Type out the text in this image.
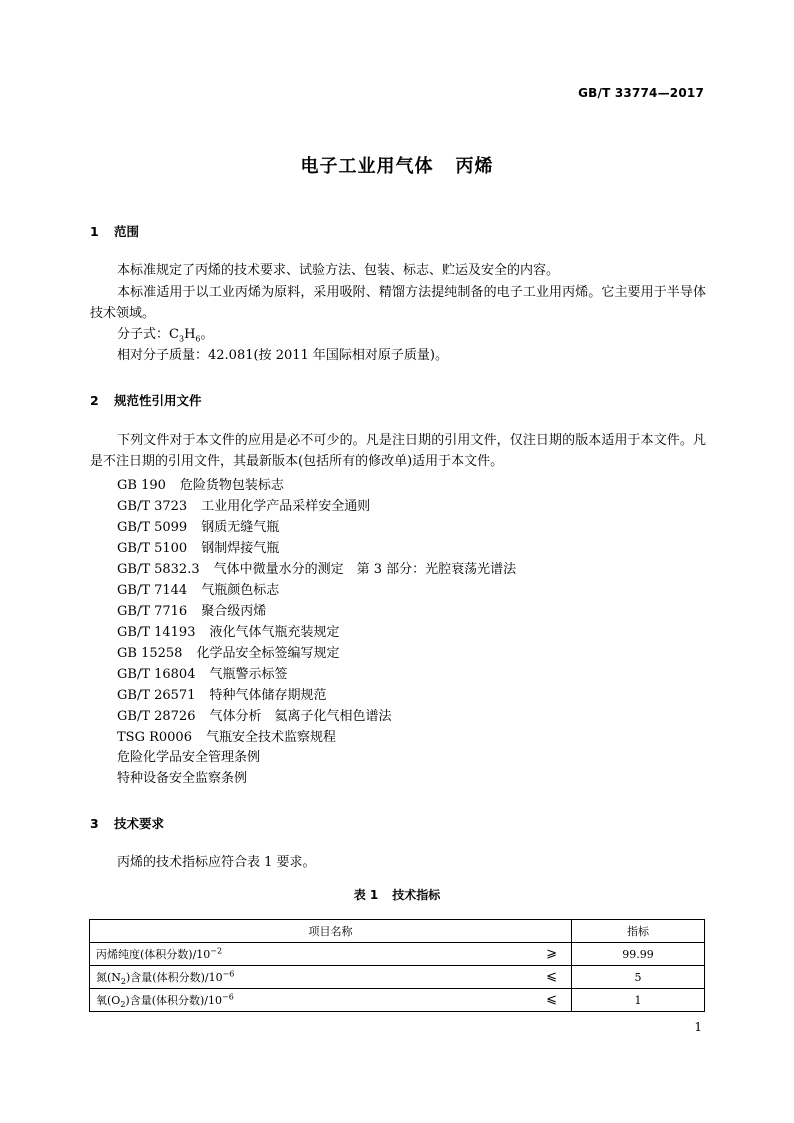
GB/T 33774—2017
电子工业用气体 丙烯
1 范围
本标准规定了丙烯的技术要求、试验方法、包装、标志、贮运及安全的内容。
本标准适用于以工业丙烯为原料，采用吸附、精馏方法提纯制备的电子工业用丙烯。它主要用于半导体技术领域。
分子式：$C_3H_6$。
相对分子质量：42.081(按 2011 年国际相对原子质量)。
2 规范性引用文件
下列文件对于本文件的应用是必不可少的。凡是注日期的引用文件，仅注日期的版本适用于本文件。凡是不注日期的引用文件，其最新版本(包括所有的修改单)适用于本文件。
GB 190 危险货物包装标志
GB/T 3723 工业用化学产品采样安全通则
GB/T 5099 钢质无缝气瓶
GB/T 5100 钢制焊接气瓶
GB/T 5832.3 气体中微量水分的测定　第 3 部分：光腔衰荡光谱法
GB/T 7144 气瓶颜色标志
GB/T 7716 聚合级丙烯
GB/T 14193 液化气体气瓶充装规定
GB 15258 化学品安全标签编写规定
GB/T 16804 气瓶警示标签
GB/T 26571 特种气体储存期规范
GB/T 28726 气体分析　氦离子化气相色谱法
TSG R0006 气瓶安全技术监察规程
危险化学品安全管理条例
特种设备安全监察条例
3 技术要求
丙烯的技术指标应符合表 1 要求。
表 1 技术指标
项目名称	指标
丙烯纯度(体积分数)$/10^{-2}$ ⩾	99.99
氮$(N_2)$含量(体积分数)$/10^{-6}$ ⩽	5
氧$(O_2)$含量(体积分数)$/10^{-6}$ ⩽	1
1
